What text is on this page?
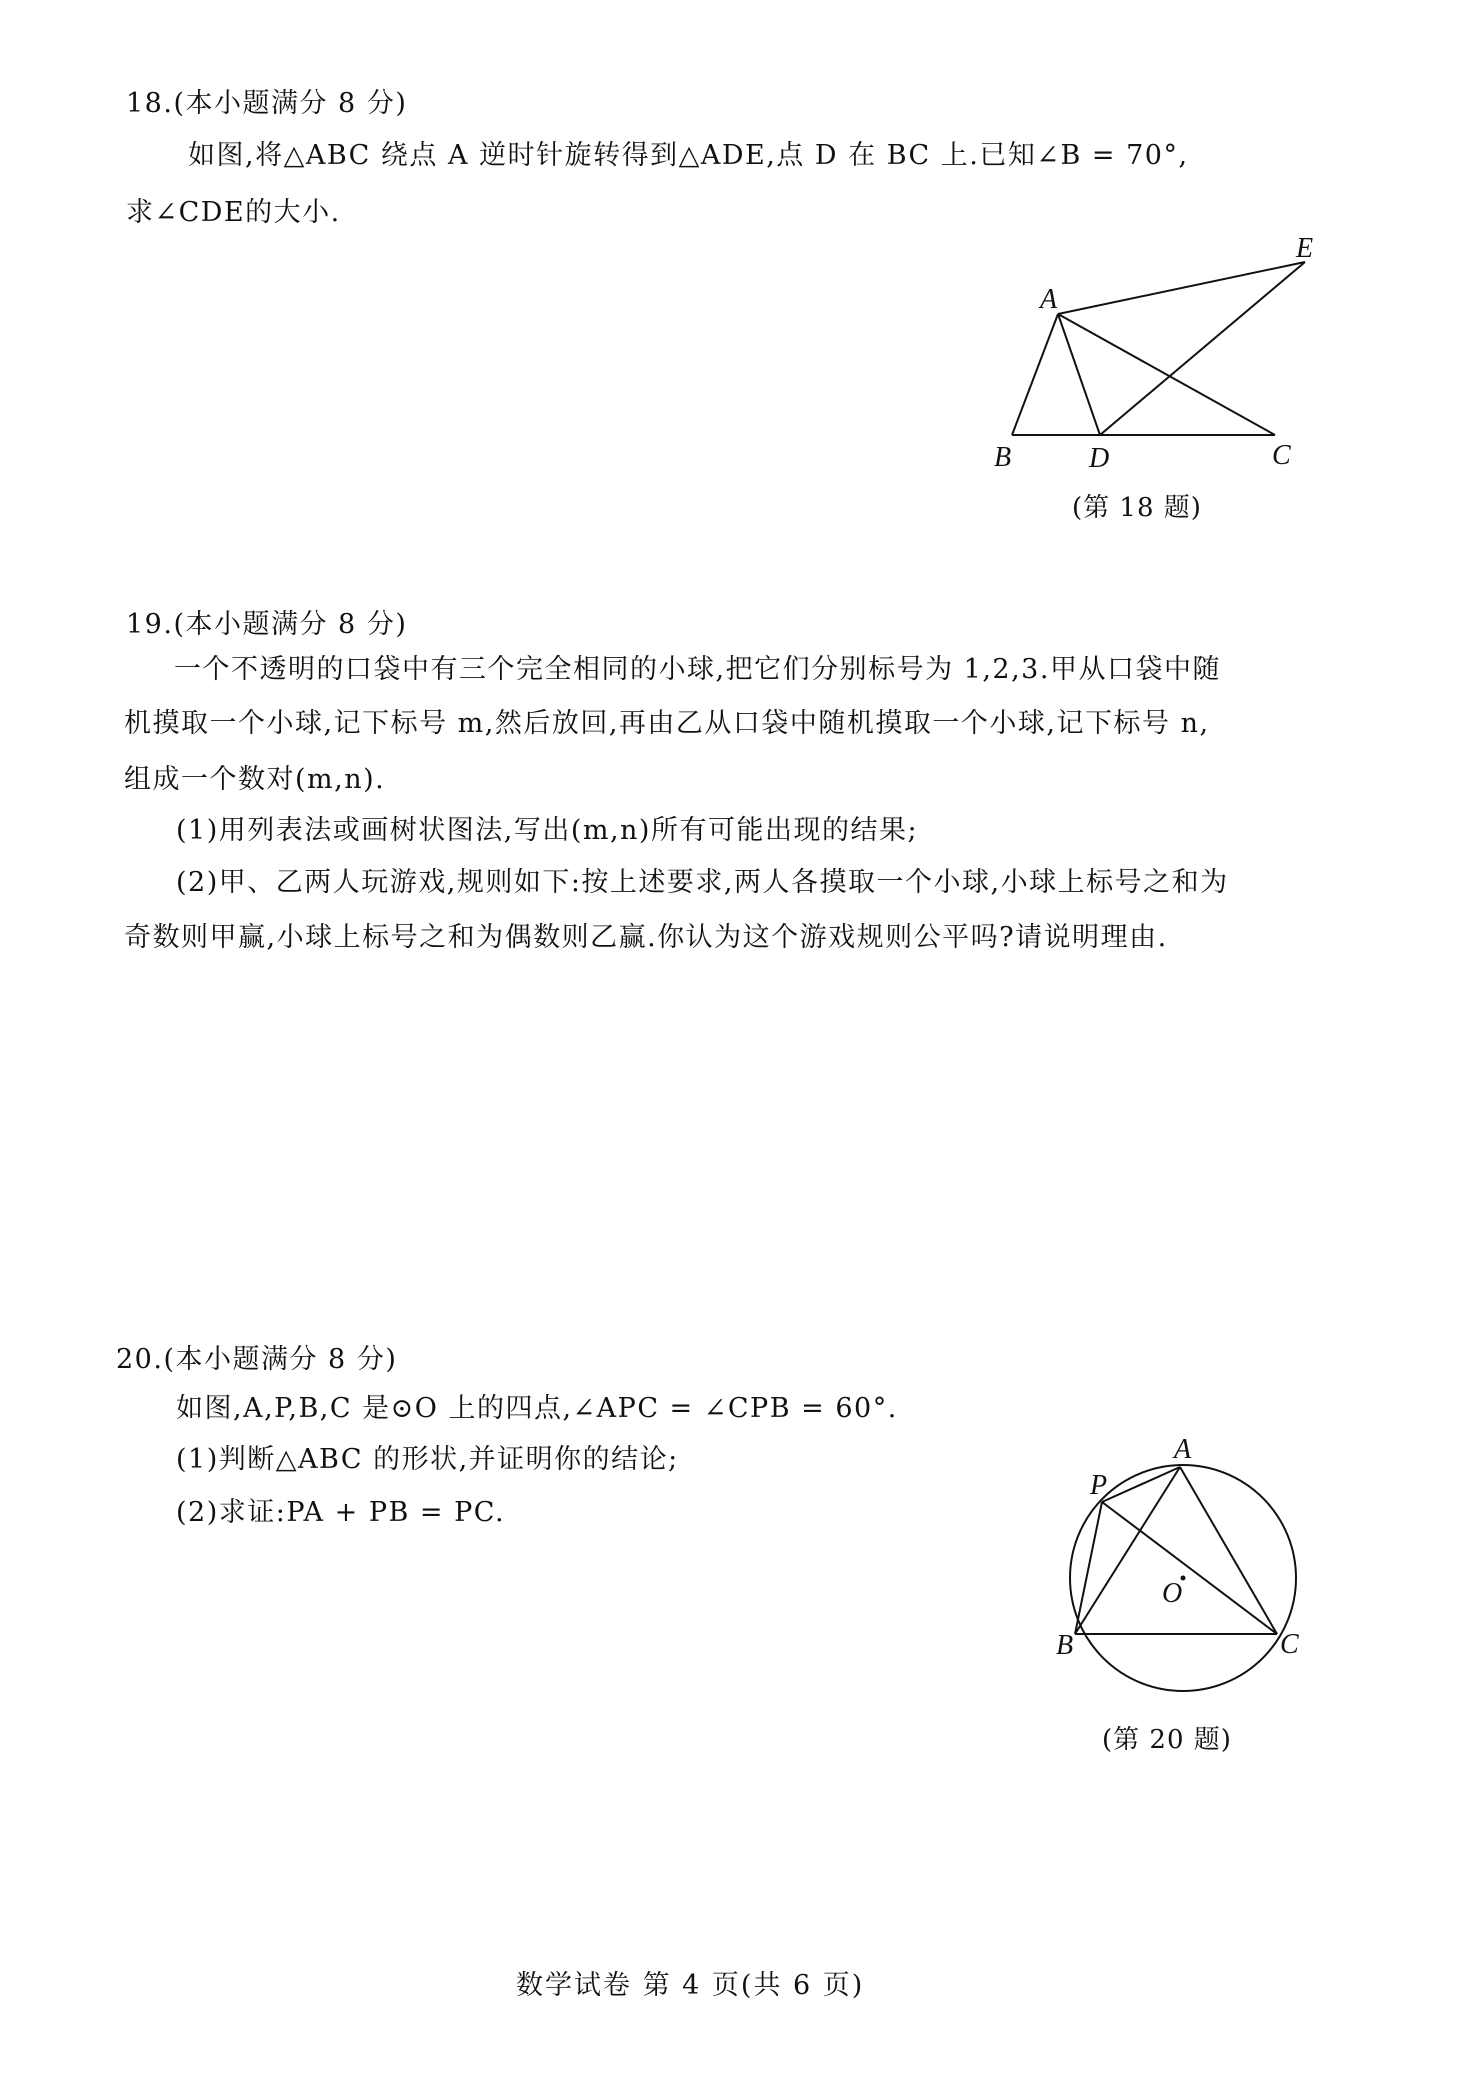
18.(本小题满分 8 分)
如图,将△ABC 绕点 A 逆时针旋转得到△ADE,点 D 在 BC 上.已知∠B = 70°,
求∠CDE的大小.
A
B	D	C
E
(第 18 题)
19.(本小题满分 8 分)
一个不透明的口袋中有三个完全相同的小球,把它们分别标号为 1,2,3.甲从口袋中随
机摸取一个小球,记下标号 m,然后放回,再由乙从口袋中随机摸取一个小球,记下标号 n,
组成一个数对(m,n).
(1)用列表法或画树状图法,写出(m,n)所有可能出现的结果;
(2)甲、乙两人玩游戏,规则如下:按上述要求,两人各摸取一个小球,小球上标号之和为
奇数则甲赢,小球上标号之和为偶数则乙赢.你认为这个游戏规则公平吗?请说明理由.
20.(本小题满分 8 分)
如图,A,P,B,C 是⊙O 上的四点,∠APC = ∠CPB = 60°.
(1)判断△ABC 的形状,并证明你的结论;
(2)求证:PA + PB = PC.
A
P
O
B	C
(第 20 题)
数学试卷 第 4 页(共 6 页)
